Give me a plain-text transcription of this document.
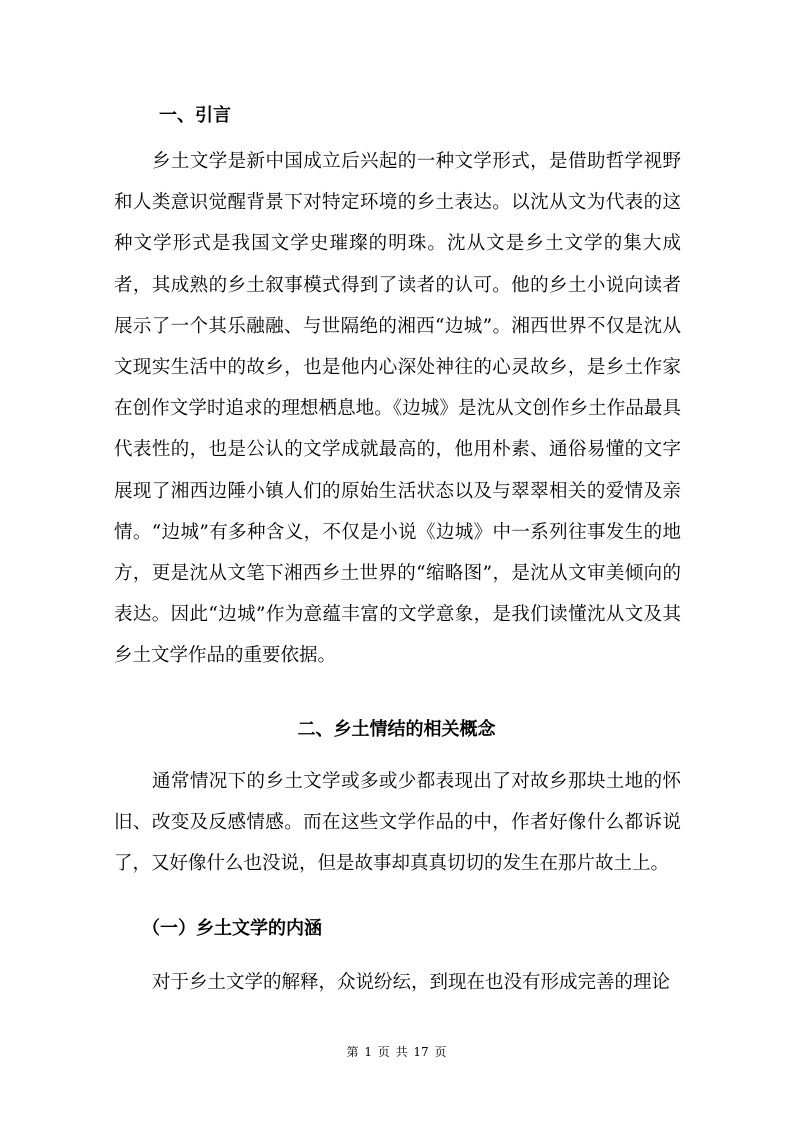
一、引言
乡土文学是新中国成立后兴起的一种文学形式，是借助哲学视野和人类意识觉醒背景下对特定环境的乡土表达。以沈从文为代表的这种文学形式是我国文学史璀璨的明珠。沈从文是乡土文学的集大成者，其成熟的乡土叙事模式得到了读者的认可。他的乡土小说向读者展示了一个其乐融融、与世隔绝的湘西“边城”。湘西世界不仅是沈从文现实生活中的故乡，也是他内心深处神往的心灵故乡，是乡土作家在创作文学时追求的理想栖息地。《边城》是沈从文创作乡土作品最具代表性的，也是公认的文学成就最高的，他用朴素、通俗易懂的文字展现了湘西边陲小镇人们的原始生活状态以及与翠翠相关的爱情及亲情。“边城”有多种含义，不仅是小说《边城》中一系列往事发生的地方，更是沈从文笔下湘西乡土世界的“缩略图”，是沈从文审美倾向的表达。因此“边城”作为意蕴丰富的文学意象，是我们读懂沈从文及其乡土文学作品的重要依据。
二、乡土情结的相关概念
通常情况下的乡土文学或多或少都表现出了对故乡那块土地的怀旧、改变及反感情感。而在这些文学作品的中，作者好像什么都诉说了，又好像什么也没说，但是故事却真真切切的发生在那片故土上。
（一）乡土文学的内涵
对于乡土文学的解释，众说纷纭，到现在也没有形成完善的理论
第 1 页 共 17 页
